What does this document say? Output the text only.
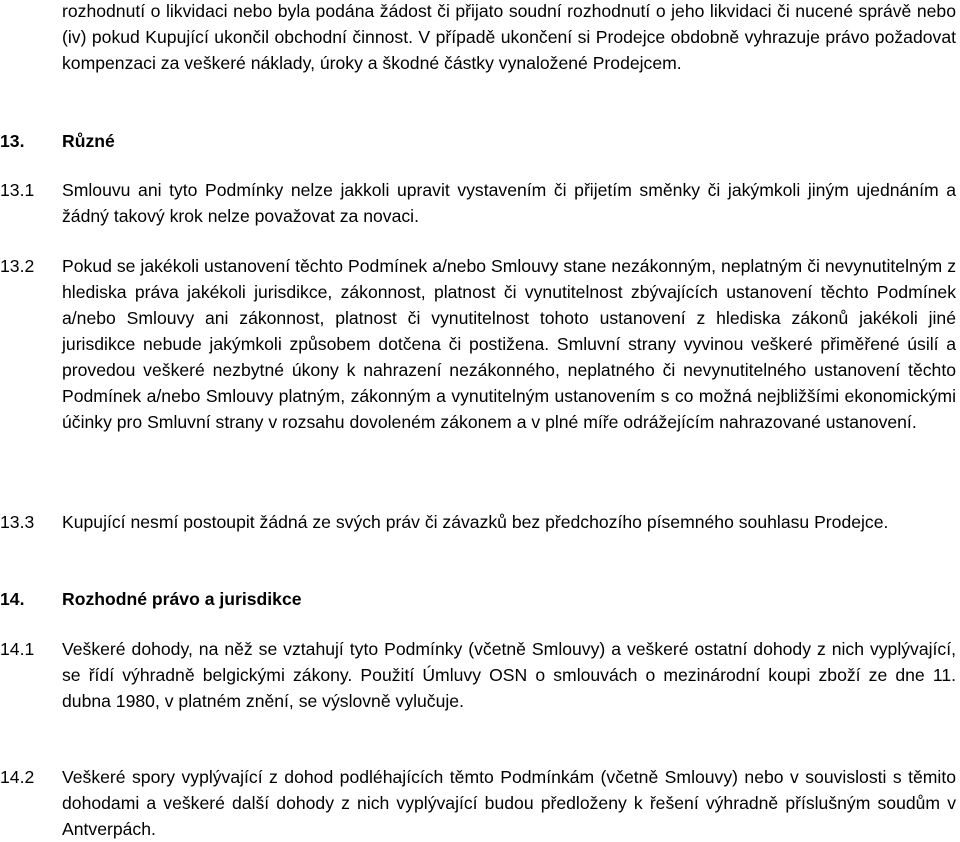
rozhodnutí o likvidaci nebo byla podána žádost či přijato soudní rozhodnutí o jeho likvidaci či nucené správě nebo (iv) pokud Kupující ukončil obchodní činnost. V případě ukončení si Prodejce obdobně vyhrazuje právo požadovat kompenzaci za veškeré náklady, úroky a škodné částky vynaložené Prodejcem.

13.	Různé

13.1	Smlouvu ani tyto Podmínky nelze jakkoli upravit vystavením či přijetím směnky či jakýmkoli jiným ujednáním a žádný takový krok nelze považovat za novaci.

13.2	Pokud se jakékoli ustanovení těchto Podmínek a/nebo Smlouvy stane nezákonným, neplatným či nevynutitelným z hlediska práva jakékoli jurisdikce, zákonnost, platnost či vynutitelnost zbývajících ustanovení těchto Podmínek a/nebo Smlouvy ani zákonnost, platnost či vynutitelnost tohoto ustanovení z hlediska zákonů jakékoli jiné jurisdikce nebude jakýmkoli způsobem dotčena či postižena. Smluvní strany vyvinou veškeré přiměřené úsilí a provedou veškeré nezbytné úkony k nahrazení nezákonného, neplatného či nevynutitelného ustanovení těchto Podmínek a/nebo Smlouvy platným, zákonným a vynutitelným ustanovením s co možná nejbližšími ekonomickými účinky pro Smluvní strany v rozsahu dovoleném zákonem a v plné míře odrážejícím nahrazované ustanovení.

13.3	Kupující nesmí postoupit žádná ze svých práv či závazků bez předchozího písemného souhlasu Prodejce.

14.	Rozhodné právo a jurisdikce

14.1	Veškeré dohody, na něž se vztahují tyto Podmínky (včetně Smlouvy) a veškeré ostatní dohody z nich vyplývající, se řídí výhradně belgickými zákony. Použití Úmluvy OSN o smlouvách o mezinárodní koupi zboží ze dne 11. dubna 1980, v platném znění, se výslovně vylučuje.

14.2	Veškeré spory vyplývající z dohod podléhajících těmto Podmínkám (včetně Smlouvy) nebo v souvislosti s těmito dohodami a veškeré další dohody z nich vyplývající budou předloženy k řešení výhradně příslušným soudům v Antverpách.
